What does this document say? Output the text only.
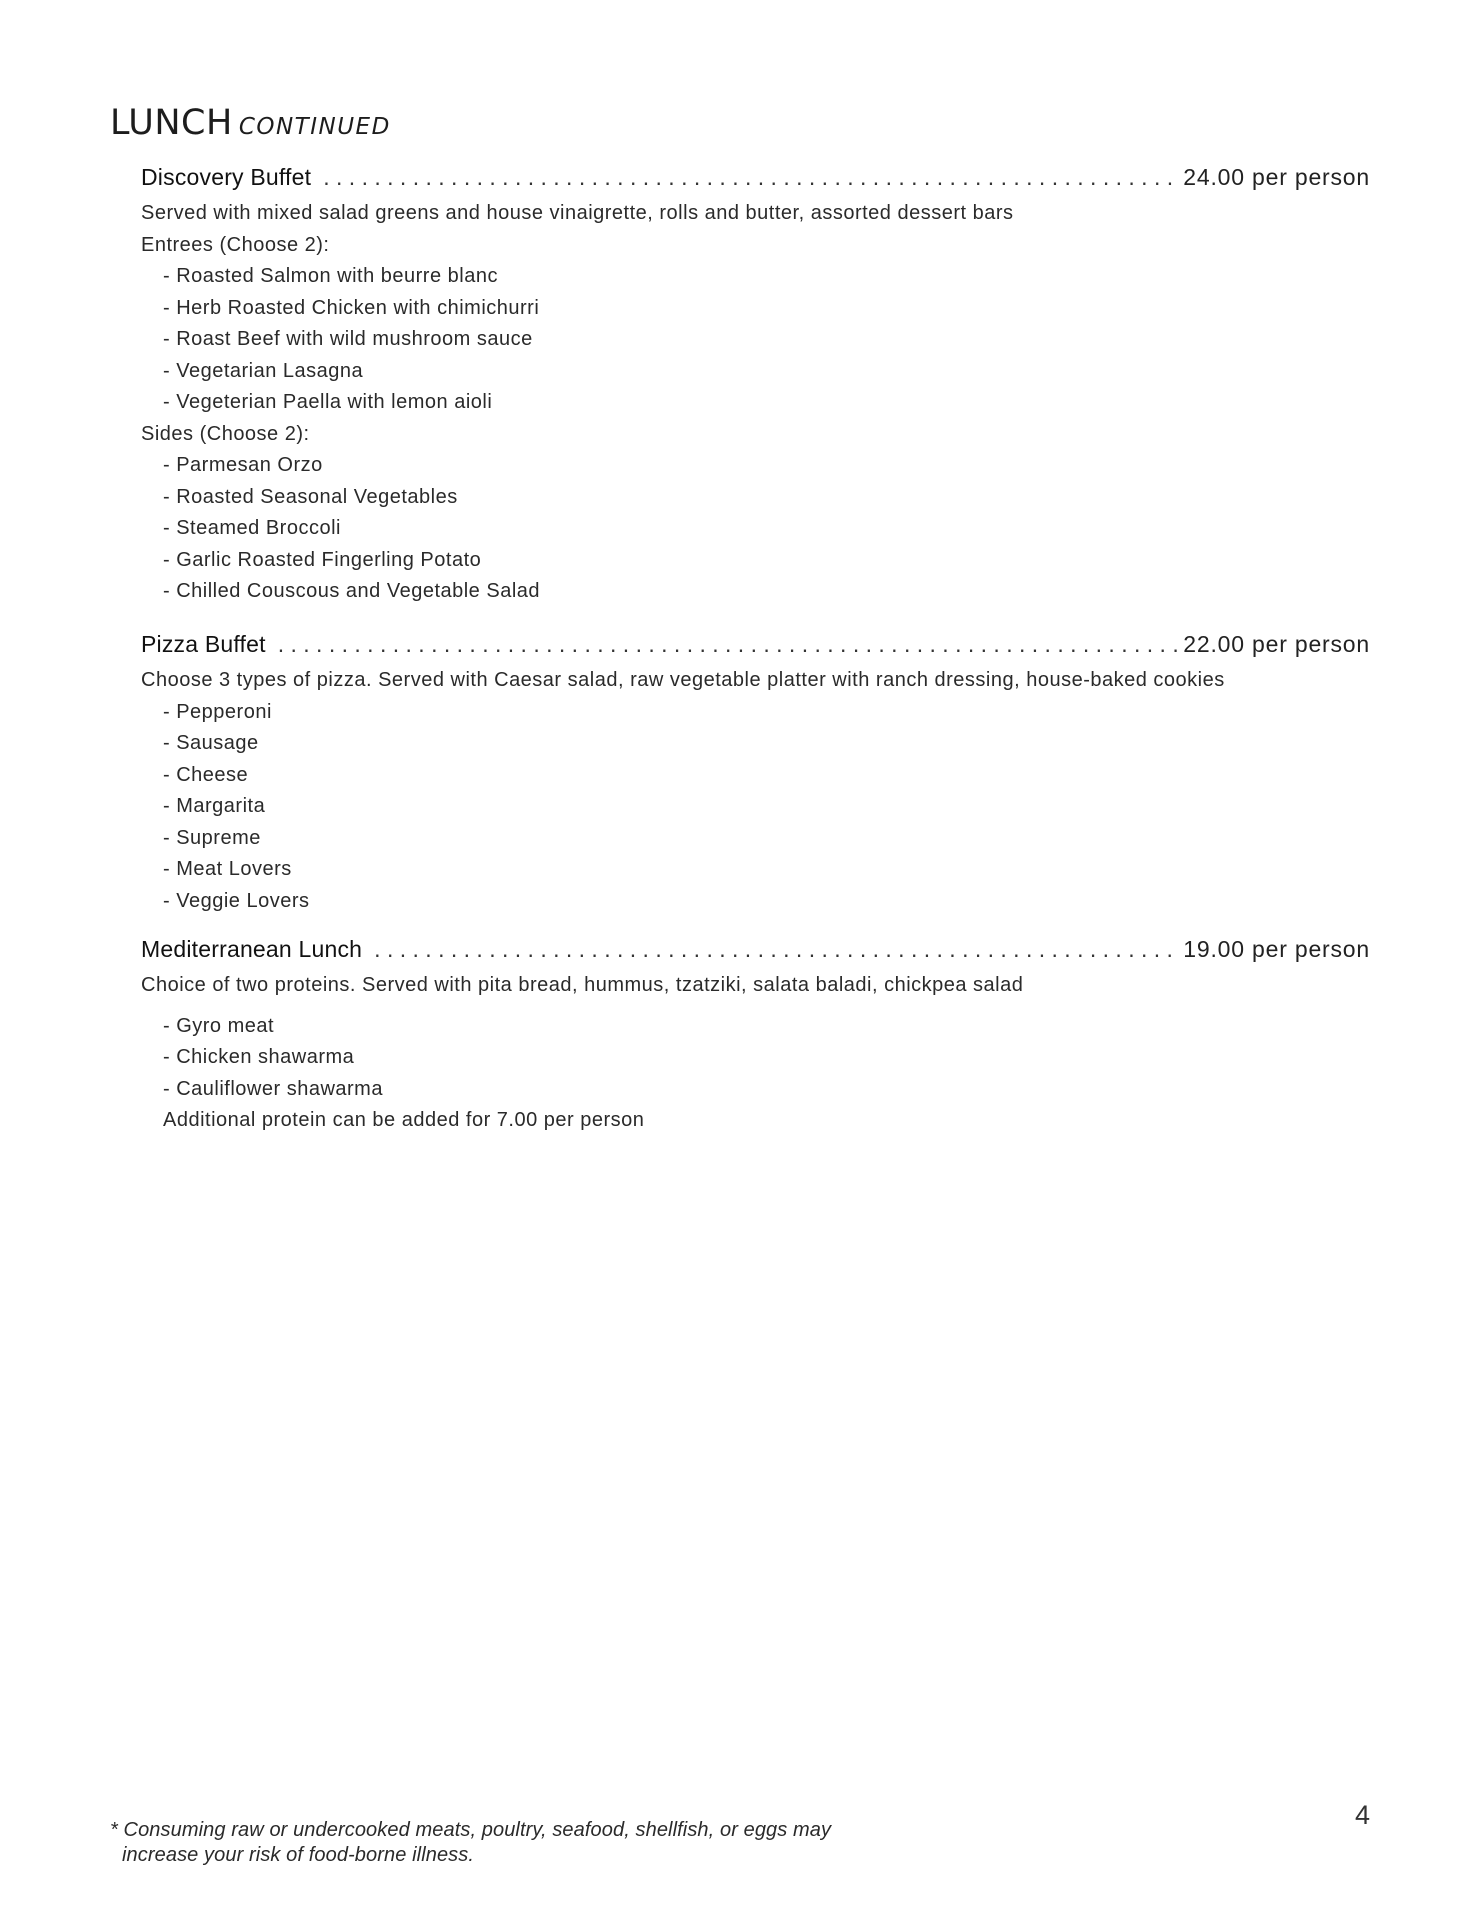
LUNCH CONTINUED
Discovery Buffet . . .	24.00 per person
Served with mixed salad greens and house vinaigrette, rolls and butter, assorted dessert bars
Entrees (Choose 2):
- Roasted Salmon with beurre blanc
- Herb Roasted Chicken with chimichurri
- Roast Beef with wild mushroom sauce
- Vegetarian Lasagna
- Vegeterian Paella with lemon aioli
Sides (Choose 2):
- Parmesan Orzo
- Roasted Seasonal Vegetables
- Steamed Broccoli
- Garlic Roasted Fingerling Potato
- Chilled Couscous and Vegetable Salad
Pizza Buffet . . .	22.00 per person
Choose 3 types of pizza. Served with Caesar salad, raw vegetable platter with ranch dressing, house-baked cookies
- Pepperoni
- Sausage
- Cheese
- Margarita
- Supreme
- Meat Lovers
- Veggie Lovers
Mediterranean Lunch . . .	19.00 per person
Choice of two proteins. Served with pita bread, hummus, tzatziki, salata baladi, chickpea salad
- Gyro meat
- Chicken shawarma
- Cauliflower shawarma
Additional protein can be added for 7.00 per person
4
* Consuming raw or undercooked meats, poultry, seafood, shellfish, or eggs may
increase your risk of food-borne illness.
